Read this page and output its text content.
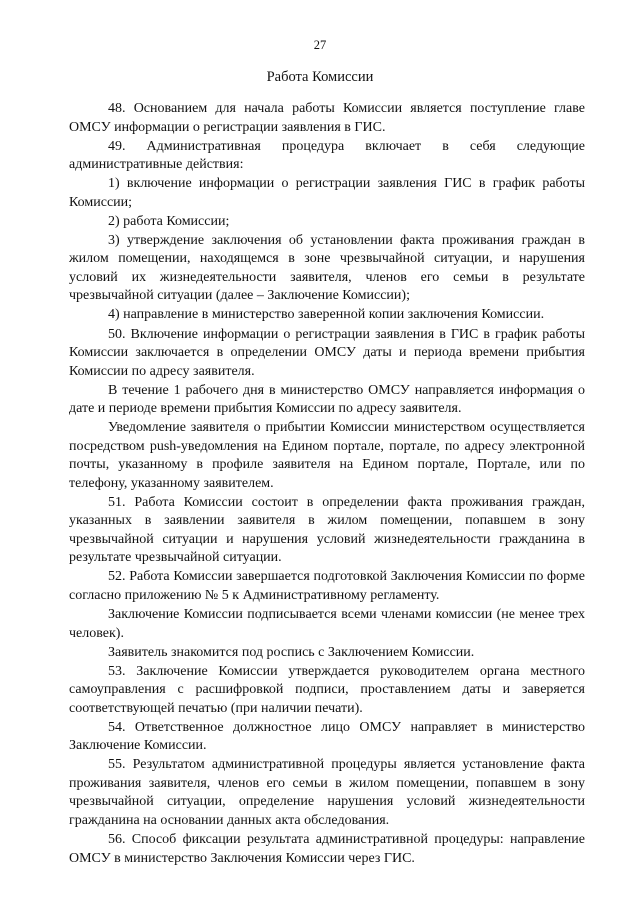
27
Работа Комиссии

48. Основанием для начала работы Комиссии является поступление главе ОМСУ информации о регистрации заявления в ГИС.

49. Административная процедура включает в себя следующие административные действия:

1) включение информации о регистрации заявления ГИС в график работы Комиссии;

2) работа Комиссии;

3) утверждение заключения об установлении факта проживания граждан в жилом помещении, находящемся в зоне чрезвычайной ситуации, и нарушения условий их жизнедеятельности заявителя, членов его семьи в результате чрезвычайной ситуации (далее – Заключение Комиссии);

4) направление в министерство заверенной копии заключения Комиссии.

50. Включение информации о регистрации заявления в ГИС в график работы Комиссии заключается в определении ОМСУ даты и периода времени прибытия Комиссии по адресу заявителя.

В течение 1 рабочего дня в министерство ОМСУ направляется информация о дате и периоде времени прибытия Комиссии по адресу заявителя.

Уведомление заявителя о прибытии Комиссии министерством осуществляется посредством push-уведомления на Едином портале, портале, по адресу электронной почты, указанному в профиле заявителя на Едином портале, Портале, или по телефону, указанному заявителем.

51. Работа Комиссии состоит в определении факта проживания граждан, указанных в заявлении заявителя в жилом помещении, попавшем в зону чрезвычайной ситуации и нарушения условий жизнедеятельности гражданина в результате чрезвычайной ситуации.

52. Работа Комиссии завершается подготовкой Заключения Комиссии по форме согласно приложению № 5 к Административному регламенту.

Заключение Комиссии подписывается всеми членами комиссии (не менее трех человек).

Заявитель знакомится под роспись с Заключением Комиссии.

53. Заключение Комиссии утверждается руководителем органа местного самоуправления с расшифровкой подписи, проставлением даты и заверяется соответствующей печатью (при наличии печати).

54. Ответственное должностное лицо ОМСУ направляет в министерство Заключение Комиссии.

55. Результатом административной процедуры является установление факта проживания заявителя, членов его семьи в жилом помещении, попавшем в зону чрезвычайной ситуации, определение нарушения условий жизнедеятельности гражданина на основании данных акта обследования.

56. Способ фиксации результата административной процедуры: направление ОМСУ в министерство Заключения Комиссии через ГИС.
